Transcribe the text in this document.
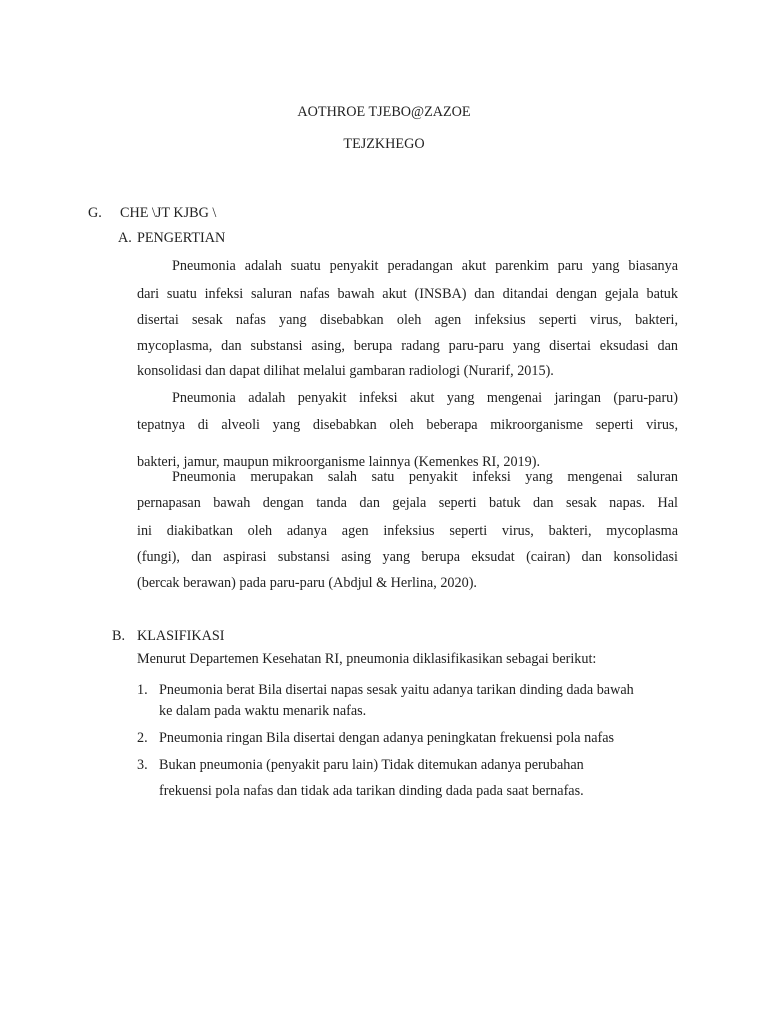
AOTHROE TJEBO@ZAZOE
TEJZKHEGO
G. CHE \JT KJBG \
A. PENGERTIAN
Pneumonia adalah suatu penyakit peradangan akut parenkim paru yang biasanya
dari suatu infeksi saluran nafas bawah akut (INSBA) dan ditandai dengan gejala batuk
disertai sesak nafas yang disebabkan oleh agen infeksius seperti virus, bakteri,
mycoplasma, dan substansi asing, berupa radang paru-paru yang disertai eksudasi dan
konsolidasi dan dapat dilihat melalui gambaran radiologi (Nurarif, 2015).
Pneumonia adalah penyakit infeksi akut yang mengenai jaringan (paru-paru)
tepatnya di alveoli yang disebabkan oleh beberapa mikroorganisme seperti virus,
bakteri, jamur, maupun mikroorganisme lainnya (Kemenkes RI, 2019).
Pneumonia merupakan salah satu penyakit infeksi yang mengenai saluran
pernapasan bawah dengan tanda dan gejala seperti batuk dan sesak napas. Hal
ini diakibatkan oleh adanya agen infeksius seperti virus, bakteri, mycoplasma
(fungi), dan aspirasi substansi asing yang berupa eksudat (cairan) dan konsolidasi
(bercak berawan) pada paru-paru (Abdjul & Herlina, 2020).
B. KLASIFIKASI
Menurut Departemen Kesehatan RI, pneumonia diklasifikasikan sebagai berikut:
1. Pneumonia berat Bila disertai napas sesak yaitu adanya tarikan dinding dada bawah
ke dalam pada waktu menarik nafas.
2. Pneumonia ringan Bila disertai dengan adanya peningkatan frekuensi pola nafas
3. Bukan pneumonia (penyakit paru lain) Tidak ditemukan adanya perubahan
frekuensi pola nafas dan tidak ada tarikan dinding dada pada saat bernafas.
